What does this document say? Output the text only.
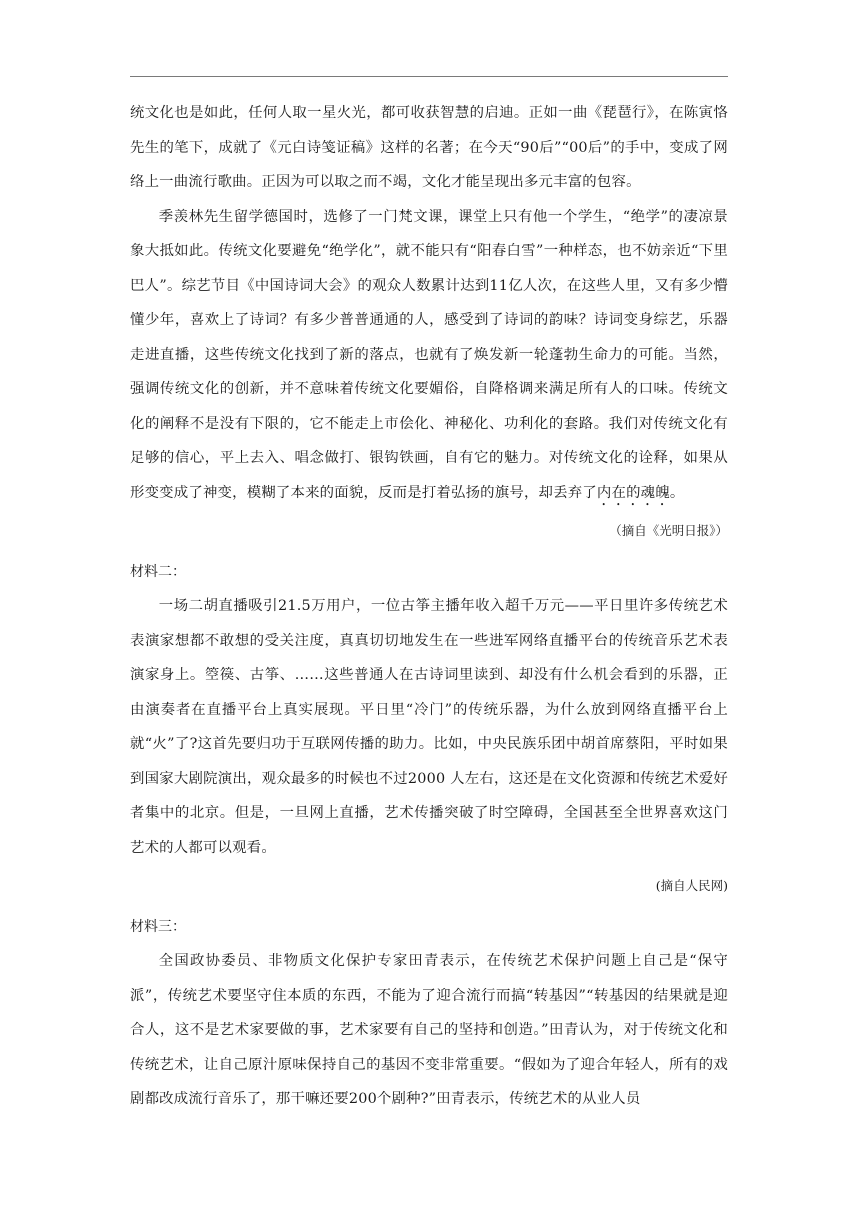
统文化也是如此，任何人取一星火光，都可收获智慧的启迪。正如一曲《琵琶行》，在陈寅恪先生的笔下，成就了《元白诗笺证稿》这样的名著；在今天“90后”“00后”的手中，变成了网络上一曲流行歌曲。正因为可以取之而不竭，文化才能呈现出多元丰富的包容。

季羡林先生留学德国时，选修了一门梵文课，课堂上只有他一个学生，“绝学”的凄凉景象大抵如此。传统文化要避免“绝学化”，就不能只有“阳春白雪”一种样态，也不妨亲近“下里巴人”。综艺节目《中国诗词大会》的观众人数累计达到11亿人次，在这些人里，又有多少懵懂少年，喜欢上了诗词？有多少普普通通的人，感受到了诗词的韵味？诗词变身综艺，乐器走进直播，这些传统文化找到了新的落点，也就有了焕发新一轮蓬勃生命力的可能。当然，强调传统文化的创新，并不意味着传统文化要媚俗，自降格调来满足所有人的口味。传统文化的阐释不是没有下限的，它不能走上市侩化、神秘化、功利化的套路。我们对传统文化有足够的信心，平上去入、唱念做打、银钩铁画，自有它的魅力。对传统文化的诠释，如果从形变变成了神变，模糊了本来的面貌，反而是打着弘扬的旗号，却丢弃了内在的魂魄。

（摘自《光明日报》）

材料二：

一场二胡直播吸引21.5万用户，一位古筝主播年收入超千万元——平日里许多传统艺术表演家想都不敢想的受关注度，真真切切地发生在一些进军网络直播平台的传统音乐艺术表演家身上。箜篌、古筝、……这些普通人在古诗词里读到、却没有什么机会看到的乐器，正由演奏者在直播平台上真实展现。平日里“冷门”的传统乐器，为什么放到网络直播平台上就“火”了?这首先要归功于互联网传播的助力。比如，中央民族乐团中胡首席蔡阳，平时如果到国家大剧院演出，观众最多的时候也不过2000 人左右，这还是在文化资源和传统艺术爱好者集中的北京。但是，一旦网上直播，艺术传播突破了时空障碍，全国甚至全世界喜欢这门艺术的人都可以观看。

(摘自人民网)

材料三：

全国政协委员、非物质文化保护专家田青表示，在传统艺术保护问题上自己是“保守派”，传统艺术要坚守住本质的东西，不能为了迎合流行而搞“转基因”“转基因的结果就是迎合人，这不是艺术家要做的事，艺术家要有自己的坚持和创造。”田青认为，对于传统文化和传统艺术，让自己原汁原味保持自己的基因不变非常重要。“假如为了迎合年轻人，所有的戏剧都改成流行音乐了，那干嘛还要200个剧种?”田青表示，传统艺术的从业人员
